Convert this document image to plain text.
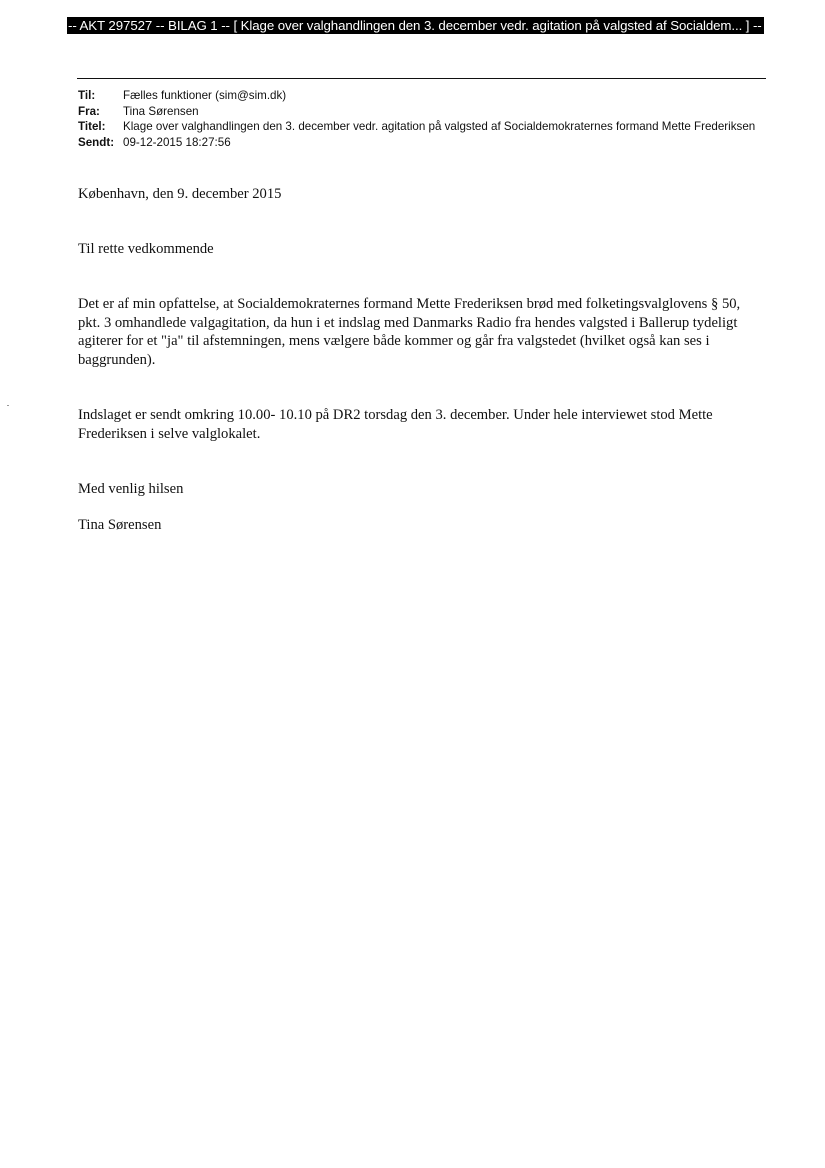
-- AKT 297527 -- BILAG 1 -- [ Klage over valghandlingen den 3. december vedr. agitation på valgsted af Socialdem... ] --
Til:	Fælles funktioner (sim@sim.dk)
Fra:	Tina Sørensen
Titel:	Klage over valghandlingen den 3. december vedr. agitation på valgsted af Socialdemokraternes formand Mette Frederiksen
Sendt: 09-12-2015 18:27:56

København, den 9. december 2015

Til rette vedkommende

Det er af min opfattelse, at Socialdemokraternes formand Mette Frederiksen brød med folketingsvalglovens § 50, pkt. 3 omhandlede valgagitation, da hun i et indslag med Danmarks Radio fra hendes valgsted i Ballerup tydeligt agiterer for et "ja" til afstemningen, mens vælgere både kommer og går fra valgstedet (hvilket også kan ses i baggrunden).

Indslaget er sendt omkring 10.00- 10.10 på DR2 torsdag den 3. december. Under hele interviewet stod Mette Frederiksen i selve valglokalet.

Med venlig hilsen

Tina Sørensen
